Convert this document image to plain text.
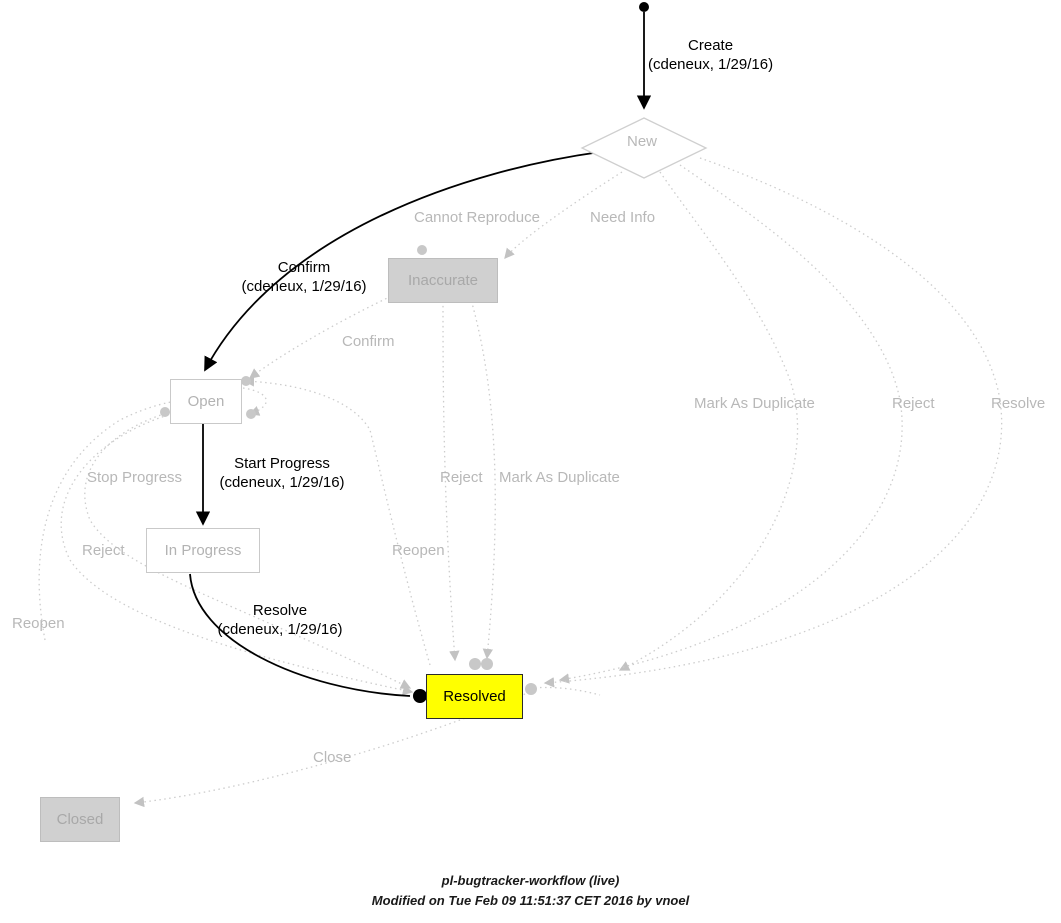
New
Inaccurate
Open
In Progress
Resolved
Closed
Create
(cdeneux, 1/29/16)
Confirm
(cdeneux, 1/29/16)
Start Progress
(cdeneux, 1/29/16)
Resolve
(cdeneux, 1/29/16)
Cannot Reproduce	Need Info
Confirm
Mark As Duplicate	Reject	Resolve
Stop Progress	Reject Mark As Duplicate
Reject	Reopen
Reopen
Close
pl-bugtracker-workflow (live)
Modified on Tue Feb 09 11:51:37 CET 2016 by vnoel
